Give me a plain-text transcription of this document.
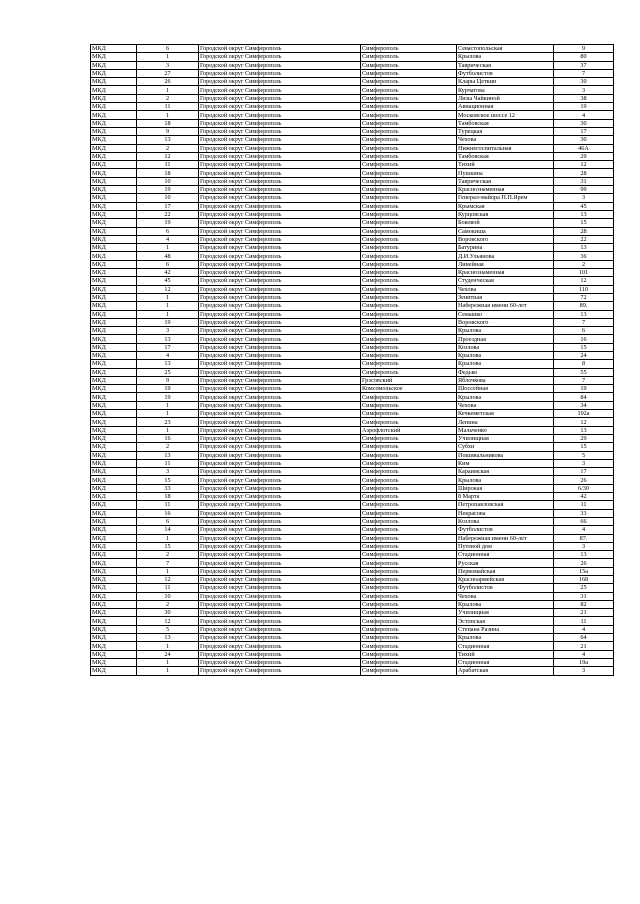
МКД	6	Городской округ Симферополь	Симферополь	Севастопольская	9
МКД	1	Городской округ Симферополь	Симферополь	Крылова	80
МКД	3	Городской округ Симферополь	Симферополь	Таврическая	37
МКД	27	Городской округ Симферополь	Симферополь	Футболистов	7
МКД	26	Городской округ Симферополь	Симферополь	Клары Цеткин	30
МКД	1	Городской округ Симферополь	Симферополь	Курчатова	3
МКД	2	Городской округ Симферополь	Симферополь	Лизы Чайкиной	38
МКД	11	Городской округ Симферополь	Симферополь	Авиационная	19
МКД	1	Городской округ Симферополь	Симферополь	Московское шоссе 12	4
МКД	18	Городской округ Симферополь	Симферополь	Тамбовская	30
МКД	9	Городской округ Симферополь	Симферополь	Турецкая	17
МКД	13	Городской округ Симферополь	Симферополь	Чехова	30
МКД	2	Городской округ Симферополь	Симферополь	Нижнегоспитальная	46А
МКД	12	Городской округ Симферополь	Симферополь	Тамбовская	29
МКД	11	Городской округ Симферополь	Симферополь	Тихий	12
МКД	18	Городской округ Симферополь	Симферополь	Пушкина	28
МКД	10	Городской округ Симферополь	Симферополь	Таврическая	31
МКД	19	Городской округ Симферополь	Симферополь	Краснознаменная	99
МКД	10	Городской округ Симферополь	Симферополь	Генерал-майора П.П.Ярем	3
МКД	17	Городской округ Симферополь	Симферополь	Крымская	45
МКД	22	Городской округ Симферополь	Симферополь	Курцовская	13
МКД	19	Городской округ Симферополь	Симферополь	Боковой	15
МКД	6	Городской округ Симферополь	Симферополь	Самокиша	28
МКД	4	Городской округ Симферополь	Симферополь	Воровского	22
МКД	1	Городской округ Симферополь	Симферополь	Батурина	13
МКД	48	Городской округ Симферополь	Симферополь	Д.И.Ульянова	36
МКД	6	Городской округ Симферополь	Симферополь	Линейная	2
МКД	42	Городской округ Симферополь	Симферополь	Краснознаменная	101
МКД	45	Городской округ Симферополь	Симферополь	Студенческая	12
МКД	12	Городской округ Симферополь	Симферополь	Чехова	110
МКД	1	Городской округ Симферополь	Симферополь	Зенитная	72
МКД	1	Городской округ Симферополь	Симферополь	Набережная имени 60-лет	89.
МКД	1	Городской округ Симферополь	Симферополь	Семашко	13
МКД	19	Городской округ Симферополь	Симферополь	Воровского	7
МКД	3	Городской округ Симферополь	Симферополь	Крылова	6
МКД	13	Городской округ Симферополь	Симферополь	Проездная	16
МКД	17	Городской округ Симферополь	Симферополь	Козлова	15
МКД	4	Городской округ Симферополь	Симферополь	Крылова	24
МКД	13	Городской округ Симферополь	Симферополь	Крылова	8
МКД	25	Городской округ Симферополь	Симферополь	Федько	55
МКД	9	Городской округ Симферополь	Грэсовский	Яблочкова	7
МКД	19	Городской округ Симферополь	Комсомольское	Шоссейная	19
МКД	19	Городской округ Симферополь	Симферополь	Крылова	84
МКД	1	Городской округ Симферополь	Симферополь	Чехова	34
МКД	1	Городской округ Симферополь	Симферополь	Кечкеметская	192а
МКД	23	Городской округ Симферополь	Симферополь	Ленина	12
МКД	1	Городской округ Симферополь	Аэрофлотский	Мальченко	13
МКД	16	Городской округ Симферополь	Симферополь	Училищная	29
МКД	2	Городской округ Симферополь	Симферополь	Субхи	15
МКД	13	Городской округ Симферополь	Симферополь	Пошивальникова	5
МКД	11	Городской округ Симферополь	Симферополь	Ким	3
МКД	3	Городской округ Симферополь	Симферополь	Караимская	17
МКД	15	Городской округ Симферополь	Симферополь	Крылова	26
МКД	33	Городской округ Симферополь	Симферополь	Широкая	6/30
МКД	18	Городской округ Симферополь	Симферополь	8 Марта	42
МКД	11	Городской округ Симферополь	Симферополь	Петропавловская	11
МКД	16	Городской округ Симферополь	Симферополь	Некрасова	33
МКД	6	Городской округ Симферополь	Симферополь	Козлова	66
МКД	14	Городской округ Симферополь	Симферополь	Футболистов	4
МКД	1	Городской округ Симферополь	Симферополь	Набережная имени 60-лет	87.
МКД	15	Городской округ Симферополь	Симферополь	Путевой дом	3
МКД	2	Городской округ Симферополь	Симферополь	Стадионная	13
МКД	7	Городской округ Симферополь	Симферополь	Русская	26
МКД	1	Городской округ Симферополь	Симферополь	Первомайская	15а
МКД	12	Городской округ Симферополь	Симферополь	Красноармейская	168
МКД	11	Городской округ Симферополь	Симферополь	Футболистов	25
МКД	10	Городской округ Симферополь	Симферополь	Чехова	31
МКД	2	Городской округ Симферополь	Симферополь	Крылова	82
МКД	30	Городской округ Симферополь	Симферополь	Училищная	21
МКД	12	Городской округ Симферополь	Симферополь	Эстонская	11
МКД	5	Городской округ Симферополь	Симферополь	Степана Разина	4
МКД	13	Городской округ Симферополь	Симферополь	Крылова	64
МКД	1	Городской округ Симферополь	Симферополь	Стадионная	21
МКД	24	Городской округ Симферополь	Симферополь	Тихий	4
МКД	1	Городской округ Симферополь	Симферополь	Стадионная	19а
МКД	1	Городской округ Симферополь	Симферополь	Арабатская	3
